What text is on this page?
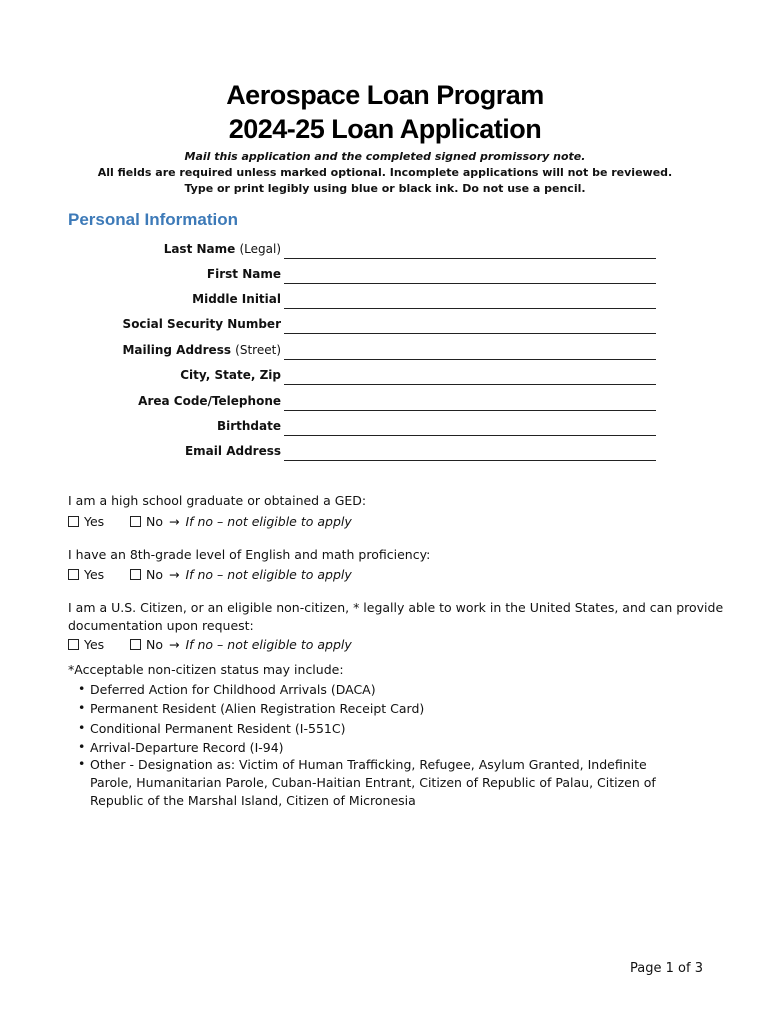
Aerospace Loan Program
2024-25 Loan Application
Mail this application and the completed signed promissory note.
All fields are required unless marked optional. Incomplete applications will not be reviewed.
Type or print legibly using blue or black ink. Do not use a pencil.
Personal Information
Last Name (Legal)
First Name
Middle Initial
Social Security Number
Mailing Address (Street)
City, State, Zip
Area Code/Telephone
Birthdate
Email Address
I am a high school graduate or obtained a GED:
Yes	No → If no – not eligible to apply
I have an 8th-grade level of English and math proficiency:
Yes	No → If no – not eligible to apply
I am a U.S. Citizen, or an eligible non-citizen, * legally able to work in the United States, and can provide
documentation upon request:
Yes	No → If no – not eligible to apply
*Acceptable non-citizen status may include:
• Deferred Action for Childhood Arrivals (DACA)
• Permanent Resident (Alien Registration Receipt Card)
• Conditional Permanent Resident (I-551C)
• Arrival-Departure Record (I-94)
• Other - Designation as: Victim of Human Trafficking, Refugee, Asylum Granted, Indefinite Parole, Humanitarian Parole, Cuban-Haitian Entrant, Citizen of Republic of Palau, Citizen of Republic of the Marshal Island, Citizen of Micronesia
Page 1 of 3
